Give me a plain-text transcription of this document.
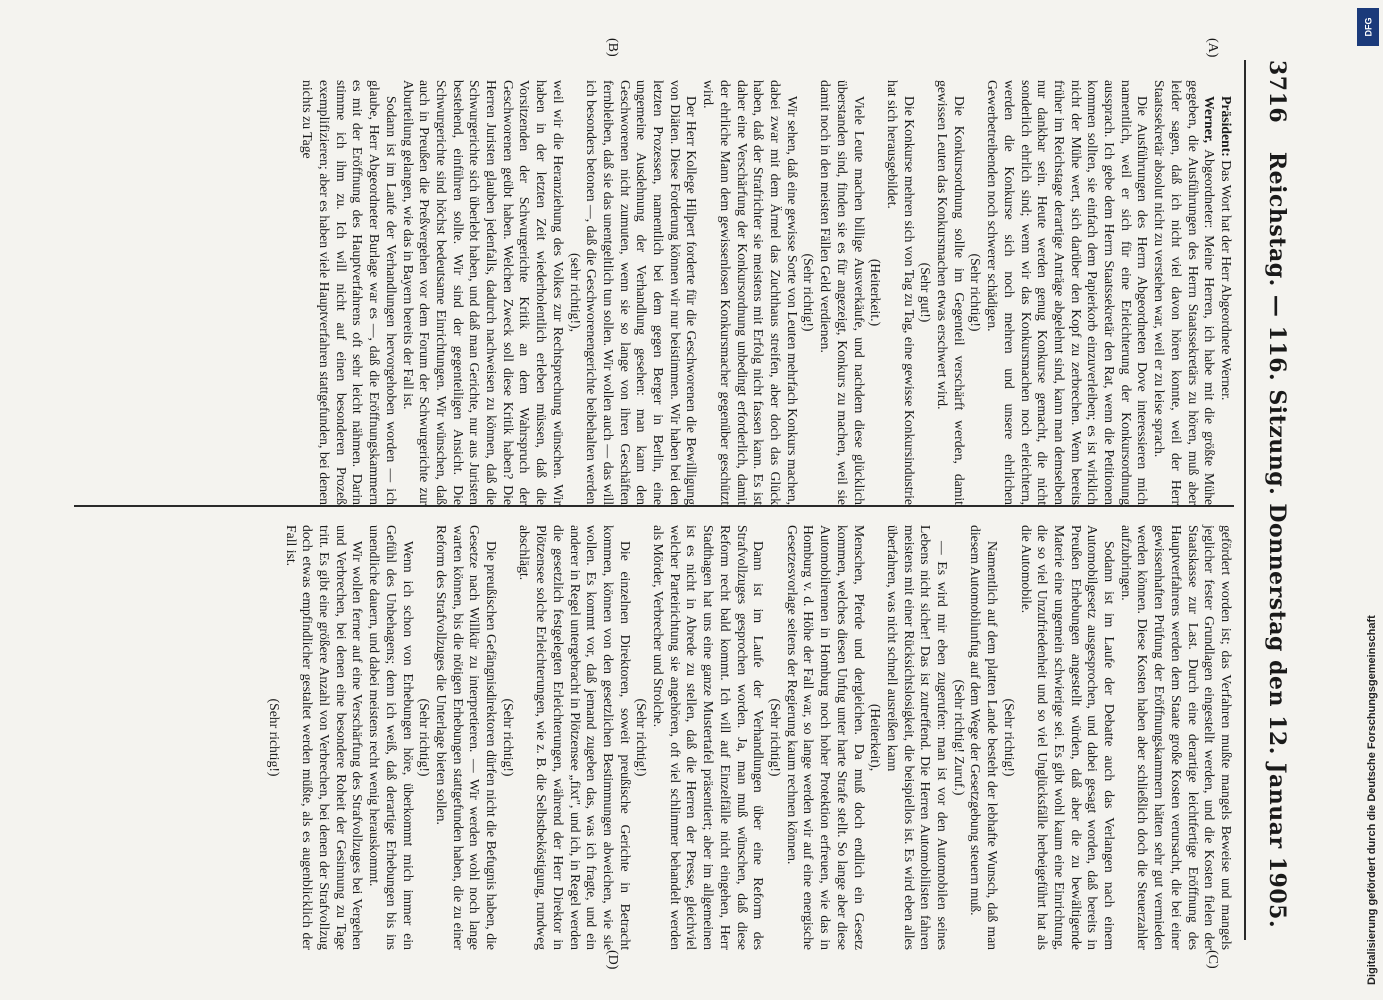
3716
Reichstag. — 116. Sitzung. Donnerstag den 12. Januar 1905.
(A)
(B)
(C)
(D)

Präsident: Das Wort hat der Herr Abgeordnete Werner.

Werner, Abgeordneter: Meine Herren, ich habe mit die größte Mühe gegeben, die Ausführungen des Herrn Staatssekretärs zu hören, muß aber leider sagen, daß ich nicht viel davon hören konnte, weil der Herr Staatssekretär absolut nicht zu verstehen war, weil er zu leise sprach.

Die Ausführungen des Herrn Abgeordneten Dove interessieren mich namentlich, weil er sich für eine Erleichterung der Konkursordnung aussprach. Ich gebe dem Herrn Staatssekretär den Rat, wenn die Petitionen kommen sollten, sie einfach dem Papierkorb einzuverleiben; es ist wirklich nicht der Mühe wert, sich darüber den Kopf zu zerbrechen. Wenn bereits früher im Reichstage derartige Anträge abgelehnt sind, kann man demselben nur dankbar sein. Heute werden genug Konkurse gemacht, die nicht sonderlich ehrlich sind; wenn wir das Konkursmachen noch erleichtern, werden die Konkurse sich noch mehren und unsere ehrlichen Gewerbetreibenden noch schwerer schädigen.

(Sehr richtig!)

Die Konkursordnung sollte im Gegenteil verschärft werden, damit gewissen Leuten das Konkursmachen etwas erschwert wird.

(Sehr gut!)

Die Konkurse mehren sich von Tag zu Tag, eine gewisse Konkursindustrie hat sich herausgebildet.

(Heiterkeit.)

Viele Leute machen billige Ausverkäufe, und nachdem diese glücklich überstanden sind, finden sie es für angezeigt, Konkurs zu machen, weil sie damit noch in den meisten Fällen Geld verdienen.

(Sehr richtig!)

Wir sehen, daß eine gewisse Sorte von Leuten mehrfach Konkurs machen, dabei zwar mit dem Ärmel das Zuchthaus streifen, aber doch das Glück haben, daß der Strafrichter sie meistens mit Erfolg nicht fassen kann. Es ist daher eine Verschärfung der Konkursordnung unbedingt erforderlich, damit der ehrliche Mann dem gewissenlosen Konkursmacher gegenüber geschützt wird.

Der Herr Kollege Hilpert forderte für die Geschworenen die Bewilligung von Diäten. Diese Forderung können wir nur beistimmen. Wir haben bei den letzten Prozessen, namentlich bei dem gegen Berger in Berlin, eine ungemeine Ausdehnung der Verhandlung gesehen: man kann den Geschworenen nicht zumuten, wenn sie so lange von ihren Geschäften fernbleiben, daß sie das unentgeltlich tun sollen. Wir wollen auch — das will ich besonders betonen —, daß die Geschworenengerichte beibehalten werden

(sehr richtig!),

weil wir die Heranziehung des Volkes zur Rechtsprechung wünschen. Wir haben in der letzten Zeit wiederholentlich erleben müssen, daß die Vorsitzenden der Schwurgerichte Kritik an dem Wahrspruch der Geschworenen geübt haben. Welchen Zweck soll diese Kritik haben? Die Herren Juristen glauben jedenfalls, dadurch nachweisen zu können, daß die Schwurgerichte sich überlebt haben, und daß man Gerichte, nur aus Juristen bestehend, einführen sollte. Wir sind der gegenteiligen Ansicht. Die Schwurgerichte sind höchst bedeutsame Einrichtungen. Wir wünschen, daß auch in Preußen die Preßvergehen vor dem Forum der Schwurgerichte zur Aburteilung gelangen, wie das in Bayern bereits der Fall ist.

Sodann ist im Laufe der Verhandlungen hervorgehoben worden — ich glaube, Herr Abgeordneter Burlage war es —, daß die Eröffnungskammern es mit der Eröffnung des Hauptverfahrens oft sehr leicht nähmen. Darin stimme ich ihm zu. Ich will nicht auf einen besonderen Prozeß exemplifizieren; aber es haben viele Hauptverfahren stattgefunden, bei denen nichts zu Tage

gefördert worden ist; das Verfahren mußte mangels Beweise und mangels jeglicher fester Grundlagen eingestellt werden, und die Kosten fielen der Staatskasse zur Last. Durch eine derartige leichtfertige Eröffnung des Hauptverfahrens werden dem Staate große Kosten verursacht, die bei einer gewissenhaften Prüfung der Eröffnungskammern hätten sehr gut vermieden werden können. Diese Kosten haben aber schließlich doch die Steuerzahler aufzubringen.

Sodann ist im Laufe der Debatte auch das Verlangen nach einem Automobilgesetz ausgesprochen, und dabei gesagt worden, daß bereits in Preußen Erhebungen angestellt würden, daß aber die zu bewältigende Materie eine ungemein schwierige sei. Es gibt wohl kaum eine Einrichtung, die so viel Unzufriedenheit und so viel Unglücksfälle herbeigeführt hat als die Automobile.

(Sehr richtig!)

Namentlich auf dem platten Lande besteht der lebhafte Wunsch, daß man diesem Automobilunfug auf dem Wege der Gesetzgebung steuern muß.

(Sehr richtig! Zuruf.)

— Es wird mir eben zugerufen: man ist vor den Automobilen seines Lebens nicht sicher! Das ist zutreffend. Die Herren Automobilisten fahren meistens mit einer Rücksichtslosigkeit, die beispiellos ist. Es wird eben alles überfahren, was nicht schnell ausreißen kann

(Heiterkeit),

Menschen, Pferde und dergleichen. Da muß doch endlich ein Gesetz kommen, welches diesen Unfug unter harte Strafe stellt. So lange aber diese Automobilrennen in Homburg noch hoher Protektion erfreuen, wie das in Homburg v. d. Höhe der Fall war, so lange werden wir auf eine energische Gesetzesvorlage seitens der Regierung kaum rechnen können.

(Sehr richtig!)

Dann ist im Laufe der Verhandlungen über eine Reform des Strafvollzuges gesprochen worden. Ja, man muß wünschen, daß diese Reform recht bald kommt. Ich will auf Einzelfälle nicht eingehen, Herr Stadthagen hat uns eine ganze Mustertafel präsentiert; aber im allgemeinen ist es nicht in Abrede zu stellen, daß die Herren der Presse, gleichviel welcher Parteirichtung sie angehören, oft viel schlimmer behandelt werden als Mörder, Verbrecher und Strolche.

(Sehr richtig!)

Die einzelnen Direktoren, soweit preußische Gerichte in Betracht kommen, können von den gesetzlichen Bestimmungen abweichen, wie sie wollen. Es kommt vor, daß jemand zugeben das, was ich fragte, und ein anderer in Regel untergebracht in Plötzensee „fixt", und ich, in Regel werden die gesetzlich festgelegten Erleichterungen, während der Herr Direktor in Plötzensee solche Erleichterungen, wie z. B. die Selbstbeköstigung, rundweg abschlägt.

(Sehr richtig!)

Die preußischen Gefängnisdirektoren dürfen nicht die Befugnis haben, die Gesetze nach Willkür zu interpretieren. — Wir werden wohl noch lange warten können, bis die nötigen Erhebungen stattgefunden haben, die zu einer Reform des Strafvollzuges die Unterlage bieten sollen.

(Sehr richtig!)

Wenn ich schon von Erhebungen höre, überkommt mich immer ein Gefühl des Unbehagens; denn ich weiß, daß derartige Erhebungen bis ins unendliche dauern, und dabei meistens recht wenig herauskommt.

Wir wollen ferner auf eine Verschärfung des Strafvollzuges bei Vergehen und Verbrechen, bei denen eine besondere Roheit der Gesinnung zu Tage tritt. Es gibt eine größere Anzahl von Verbrechen, bei denen der Strafvollzug doch etwas empfindlicher gestaltet werden müßte, als es augenblicklich der Fall ist.

(Sehr richtig!)	Digitalisierung gefördert durch die Deutsche Forschungsgemeinschaft
DFG
